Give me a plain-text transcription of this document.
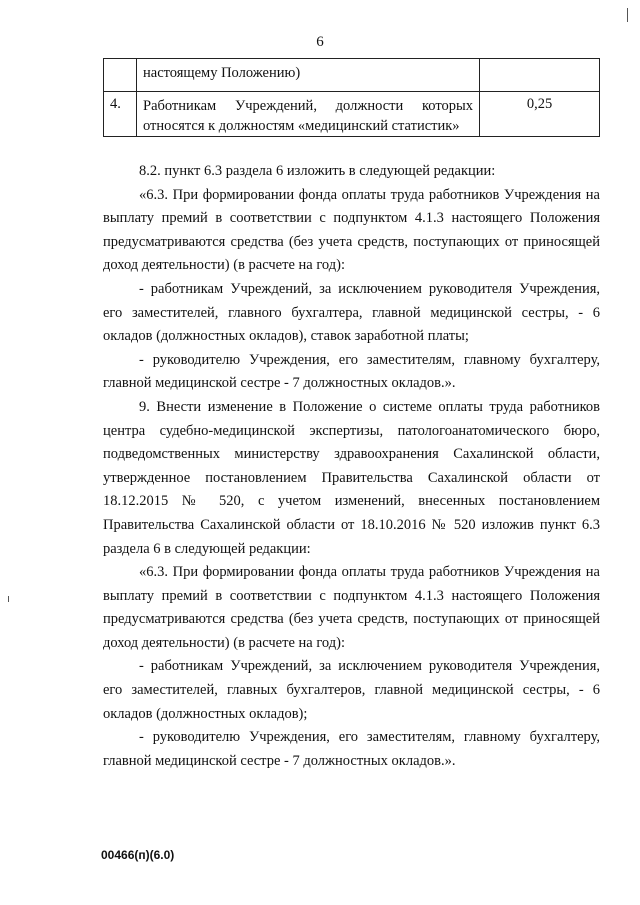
6
	настоящему Положению)	
4.	Работникам Учреждений, должности которых относятся к должностям «медицинский статистик»	0,25

8.2. пункт 6.3 раздела 6 изложить в следующей редакции:

«6.3. При формировании фонда оплаты труда работников Учреждения на выплату премий в соответствии с подпунктом 4.1.3 настоящего Положения предусматриваются средства (без учета средств, поступающих от приносящей доход деятельности) (в расчете на год):

- работникам Учреждений, за исключением руководителя Учреждения, его заместителей, главного бухгалтера, главной медицинской сестры, - 6 окладов (должностных окладов), ставок заработной платы;

- руководителю Учреждения, его заместителям, главному бухгалтеру, главной медицинской сестре - 7 должностных окладов.».

9. Внести изменение в Положение о системе оплаты труда работников центра судебно-медицинской экспертизы, патологоанатомического бюро, подведомственных министерству здравоохранения Сахалинской области, утвержденное постановлением Правительства Сахалинской области от 18.12.2015 № 520, с учетом изменений, внесенных постановлением Правительства Сахалинской области от 18.10.2016 № 520 изложив пункт 6.3 раздела 6 в следующей редакции:

«6.3. При формировании фонда оплаты труда работников Учреждения на выплату премий в соответствии с подпунктом 4.1.3 настоящего Положения предусматриваются средства (без учета средств, поступающих от приносящей доход деятельности) (в расчете на год):

- работникам Учреждений, за исключением руководителя Учреждения, его заместителей, главных бухгалтеров, главной медицинской сестры, - 6 окладов (должностных окладов);

- руководителю Учреждения, его заместителям, главному бухгалтеру, главной медицинской сестре - 7 должностных окладов.».

00466(п)(6.0)
